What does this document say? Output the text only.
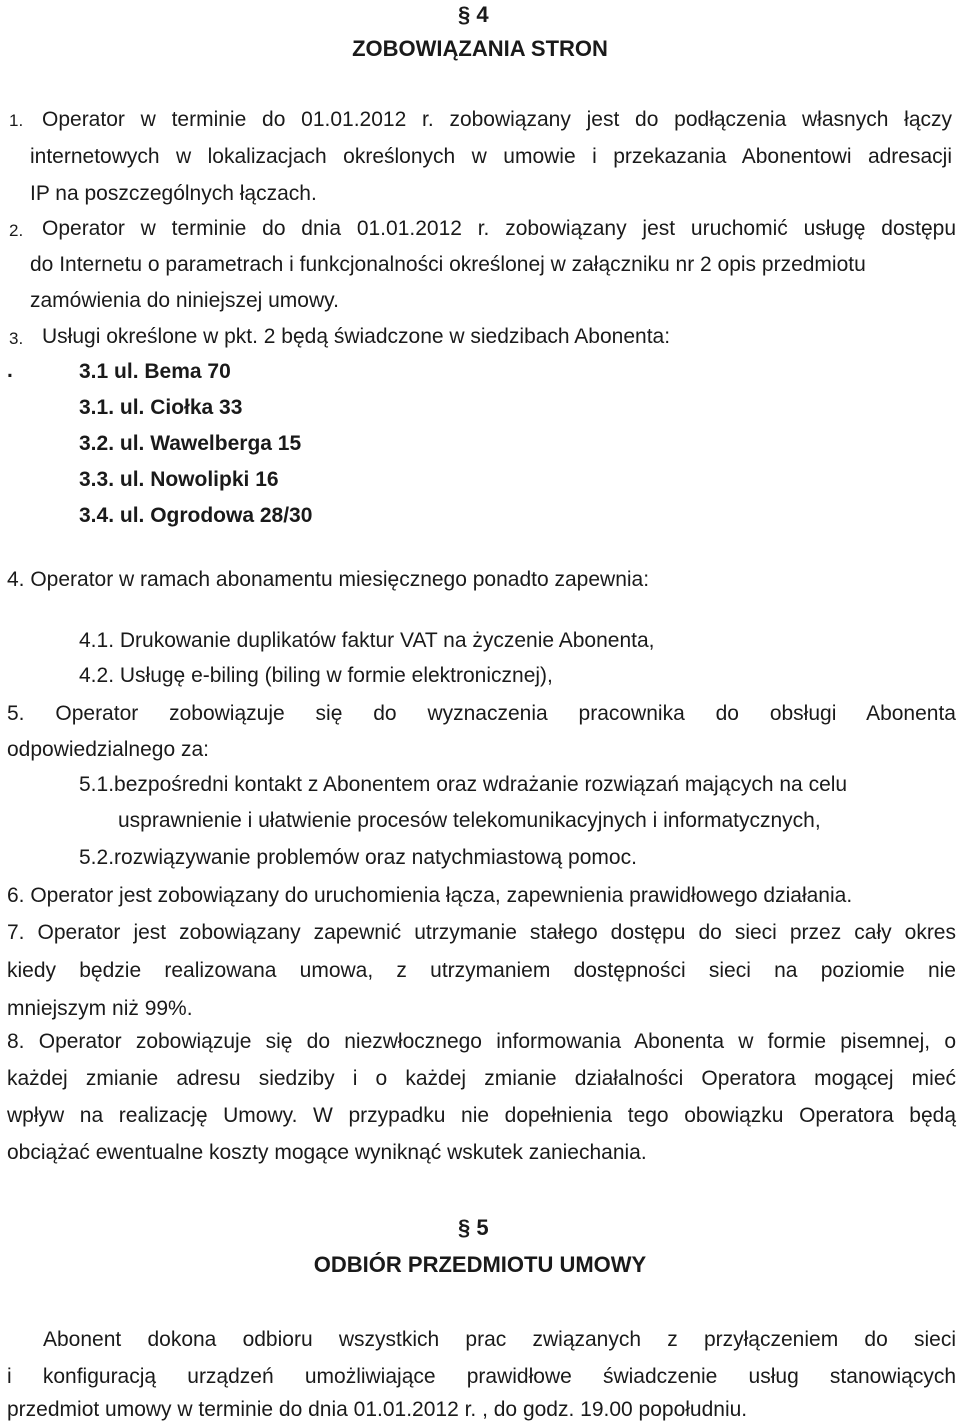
§ 4
ZOBOWIĄZANIA STRON
1. Operator w terminie do 01.01.2012 r. zobowiązany jest do podłączenia własnych łączy
internetowych w lokalizacjach określonych w umowie i przekazania Abonentowi adresacji
IP na poszczególnych łączach.
2. Operator w terminie do dnia 01.01.2012 r. zobowiązany jest uruchomić usługę dostępu
do Internetu o parametrach i funkcjonalności określonej w załączniku nr 2 opis przedmiotu
zamówienia do niniejszej umowy.
3. Usługi określone w pkt. 2 będą świadczone w siedzibach Abonenta:
.	3.1 ul. Bema 70
3.1. ul. Ciołka 33
3.2. ul. Wawelberga 15
3.3. ul. Nowolipki 16
3.4. ul. Ogrodowa 28/30
4. Operator w ramach abonamentu miesięcznego ponadto zapewnia:
4.1. Drukowanie duplikatów faktur VAT na życzenie Abonenta,
4.2. Usługę e-biling (biling w formie elektronicznej),
5. Operator zobowiązuje się do wyznaczenia pracownika do obsługi Abonenta
odpowiedzialnego za:
5.1.bezpośredni kontakt z Abonentem oraz wdrażanie rozwiązań mających na celu
usprawnienie i ułatwienie procesów telekomunikacyjnych i informatycznych,
5.2.rozwiązywanie problemów oraz natychmiastową pomoc.
6. Operator jest zobowiązany do uruchomienia łącza, zapewnienia prawidłowego działania.
7. Operator jest zobowiązany zapewnić utrzymanie stałego dostępu do sieci przez cały okres
kiedy będzie realizowana umowa, z utrzymaniem dostępności sieci na poziomie nie
mniejszym niż 99%.
8. Operator zobowiązuje się do niezwłocznego informowania Abonenta w formie pisemnej, o
każdej zmianie adresu siedziby i o każdej zmianie działalności Operatora mogącej mieć
wpływ na realizację Umowy. W przypadku nie dopełnienia tego obowiązku Operatora będą
obciążać ewentualne koszty mogące wyniknąć wskutek zaniechania.
§ 5
ODBIÓR PRZEDMIOTU UMOWY
Abonent dokona odbioru wszystkich prac związanych z przyłączeniem do sieci
i konfiguracją urządzeń umożliwiające prawidłowe świadczenie usług stanowiących
przedmiot umowy w terminie do dnia 01.01.2012 r. , do godz. 19.00 popołudniu.
